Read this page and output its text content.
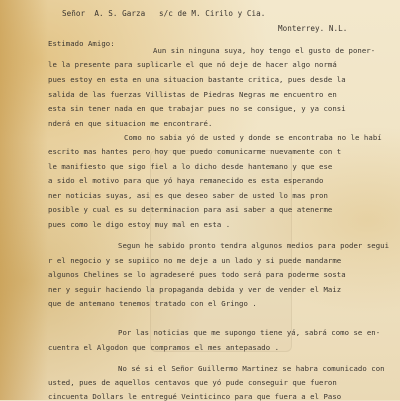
Señor  A. S. Garza   s/c de M. Cirilo y Cia.
Monterrey. N.L.
Estimado Amigo:
Aun sin ninguna suya, hoy tengo el gusto de poner-
le la presente para suplicarle el que nó deje de hacer algo normá
pues estoy en esta en una situacion bastante critica, pues desde la
salida de las fuerzas Villistas de Piedras Negras me encuentro en
esta sin tener nada en que trabajar pues no se consigue, y ya consi
nderá en que situacion me encontraré.
Como no sabia yó de usted y donde se encontraba no le habí
escrito mas hantes pero hoy que puedo comunicarme nuevamente con t
le manifiesto que sigo fiel a lo dicho desde hantemano y que ese
a sido el motivo para que yó haya remanecido es esta esperando
ner noticias suyas, asi es que deseo saber de usted lo mas pron
posible y cual es su determinacion para asi saber a que atenerme
pues como le digo estoy muy mal en esta .
Segun he sabido pronto tendra algunos medios para poder segui
r el negocio y se supiico no me deje a un lado y si puede mandarme
algunos Chelines se lo agradeseré pues todo será para poderme sosta
ner y seguir haciendo la propaganda debida y ver de vender el Maiz
que de antemano tenemos tratado con el Gringo .
Por las noticias que me supongo tiene yá, sabrá como se en-
cuentra el Algodon que compramos el mes antepasado .
No sé si el Señor Guillermo Martinez se habra comunicado con
usted, pues de aquellos centavos que yó pude conseguir que fueron
cincuenta Dollars le entregué Veinticinco para que fuera a el Paso
